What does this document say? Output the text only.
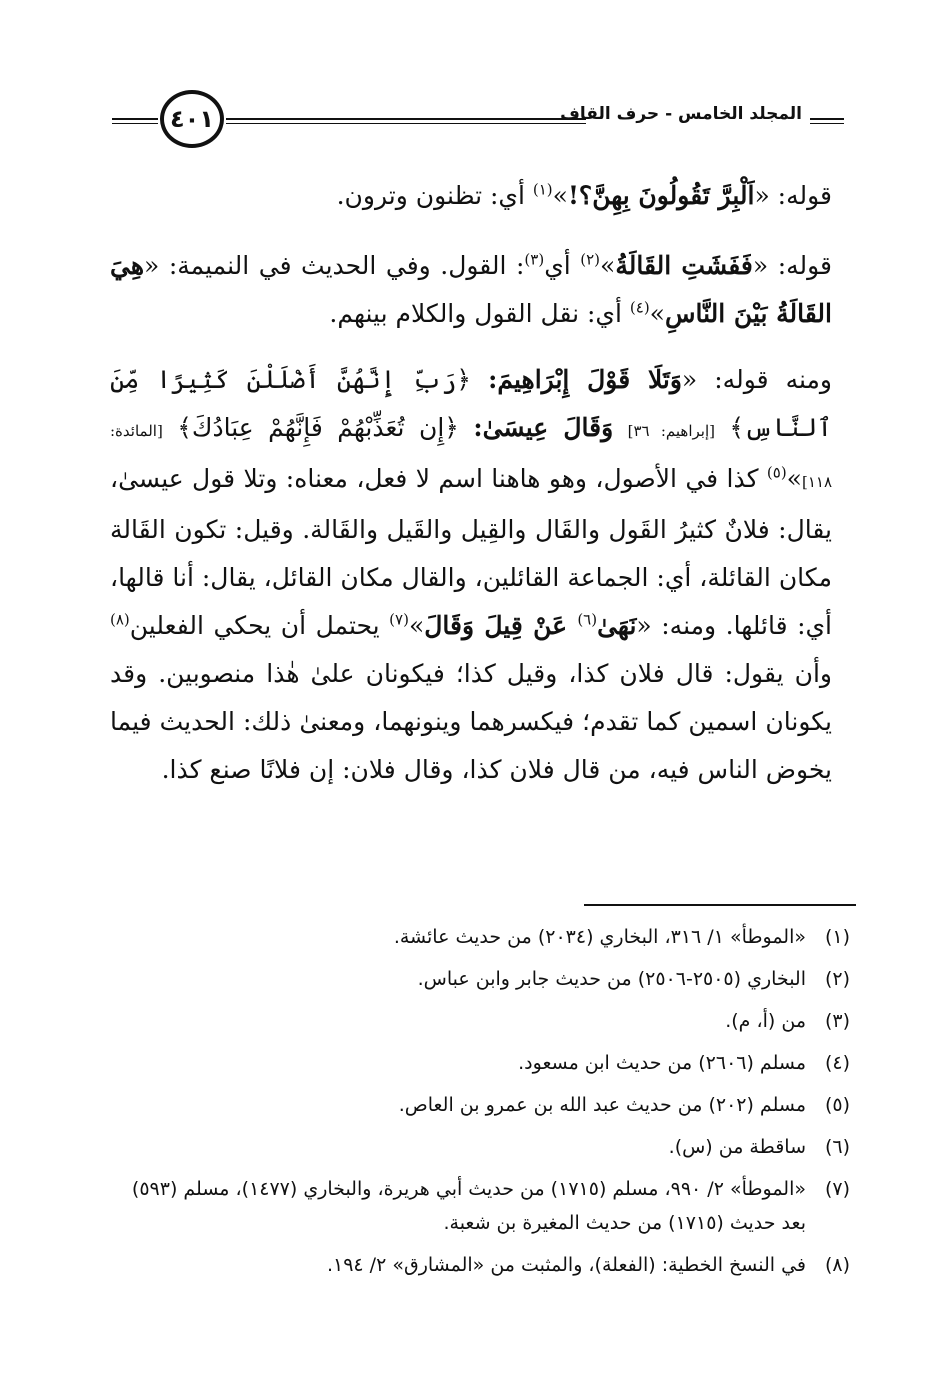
المجلد الخامس - حرف القاف
٤٠١

قوله: «اَلْبِرَّ تَقُولُونَ بِهِنَّ؟!»$^{(١)}$ أي: تظنون وترون.

قوله: «فَفَشَتِ القَالَةُ»$^{(٢)}$ أي$^{(٣)}$: القول. وفي الحديث في النميمة: «هِيَ القَالَةُ بَيْنَ النَّاسِ»$^{(٤)}$ أي: نقل القول والكلام بينهم.

ومنه قوله: «وَتَلَا قَوْلَ إِبْرَاهِيمَ: ﴿رَبِّ إِنَّهُنَّ أَضْلَلْنَ كَثِيرًا مِّنَ ٱلنَّاسِ﴾ [إبراهيم: ٣٦] وَقَالَ عِيسَىٰ: ﴿إِن تُعَذِّبْهُمْ فَإِنَّهُمْ عِبَادُكَ﴾ [المائدة: ١١٨]»$^{(٥)}$ كذا في الأصول، وهو هاهنا اسم لا فعل، معناه: وتلا قول عيسىٰ، يقال: فلانٌ كثيرُ القَول والقَال والقِيل والقَيل والقَالة. وقيل: تكون القَالة مكان القائلة، أي: الجماعة القائلين، والقال مكان القائل، يقال: أنا قالها، أي: قائلها. ومنه: «نَهَىٰ$^{(٦)}$ عَنْ قِيلَ وَقَالَ»$^{(٧)}$ يحتمل أن يحكي الفعلين$^{(٨)}$ وأن يقول: قال فلان كذا، وقيل كذا؛ فيكونان علىٰ هٰذا منصوبين. وقد يكونان اسمين كما تقدم؛ فيكسرهما وينونهما، ومعنىٰ ذلك: الحديث فيما يخوض الناس فيه، من قال فلان كذا، وقال فلان: إن فلانًا صنع كذا.

(١)
«الموطأ» ١/ ٣١٦، البخاري (٢٠٣٤) من حديث عائشة.
(٢)
البخاري (٢٥٠٥-٢٥٠٦) من حديث جابر وابن عباس.
(٣)
من (أ، م).
(٤)
مسلم (٢٦٠٦) من حديث ابن مسعود.
(٥)
مسلم (٢٠٢) من حديث عبد الله بن عمرو بن العاص.
(٦)
ساقطة من (س).
(٧)
«الموطأ» ٢/ ٩٩٠، مسلم (١٧١٥) من حديث أبي هريرة، والبخاري (١٤٧٧)، مسلم (٥٩٣) بعد حديث (١٧١٥) من حديث المغيرة بن شعبة.
(٨)
في النسخ الخطية: (الفعلة)، والمثبت من «المشارق» ٢/ ١٩٤.
